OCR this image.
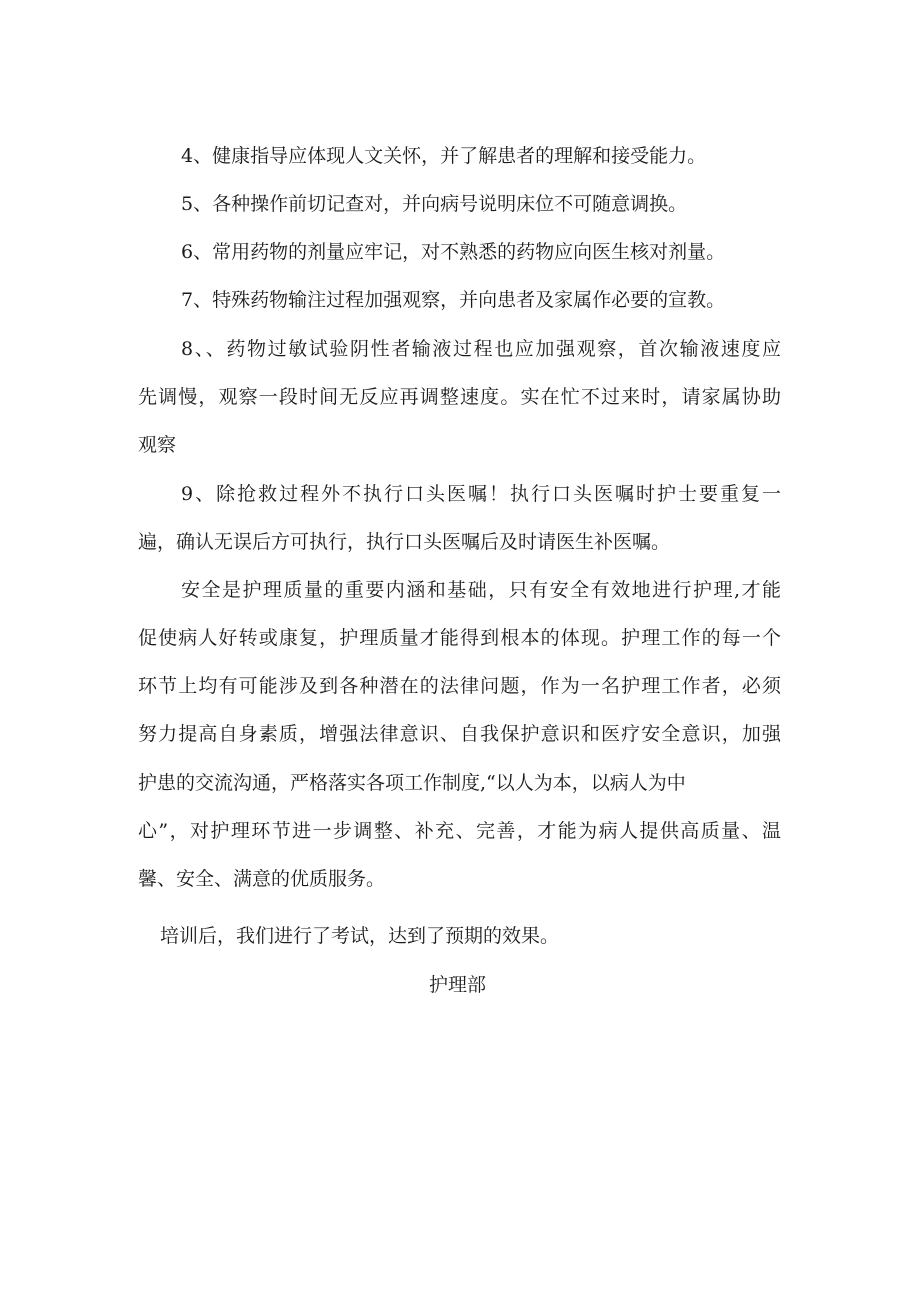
4、健康指导应体现人文关怀，并了解患者的理解和接受能力。
5、各种操作前切记查对，并向病号说明床位不可随意调换。
6、常用药物的剂量应牢记，对不熟悉的药物应向医生核对剂量。
7、特殊药物输注过程加强观察，并向患者及家属作必要的宣教。
8、、药物过敏试验阴性者输液过程也应加强观察，首次输液速度应
先调慢，观察一段时间无反应再调整速度。实在忙不过来时，请家属协助
观察
9、除抢救过程外不执行口头医嘱！执行口头医嘱时护士要重复一
遍，确认无误后方可执行，执行口头医嘱后及时请医生补医嘱。
安全是护理质量的重要内涵和基础，只有安全有效地进行护理,才能
促使病人好转或康复，护理质量才能得到根本的体现。护理工作的每一个
环节上均有可能涉及到各种潜在的法律问题，作为一名护理工作者，必须
努力提高自身素质，增强法律意识、自我保护意识和医疗安全意识，加强
护患的交流沟通，严格落实各项工作制度,“以人为本，以病人为中
心”，对护理环节进一步调整、补充、完善，才能为病人提供高质量、温
馨、安全、满意的优质服务。
培训后，我们进行了考试，达到了预期的效果。
护理部
